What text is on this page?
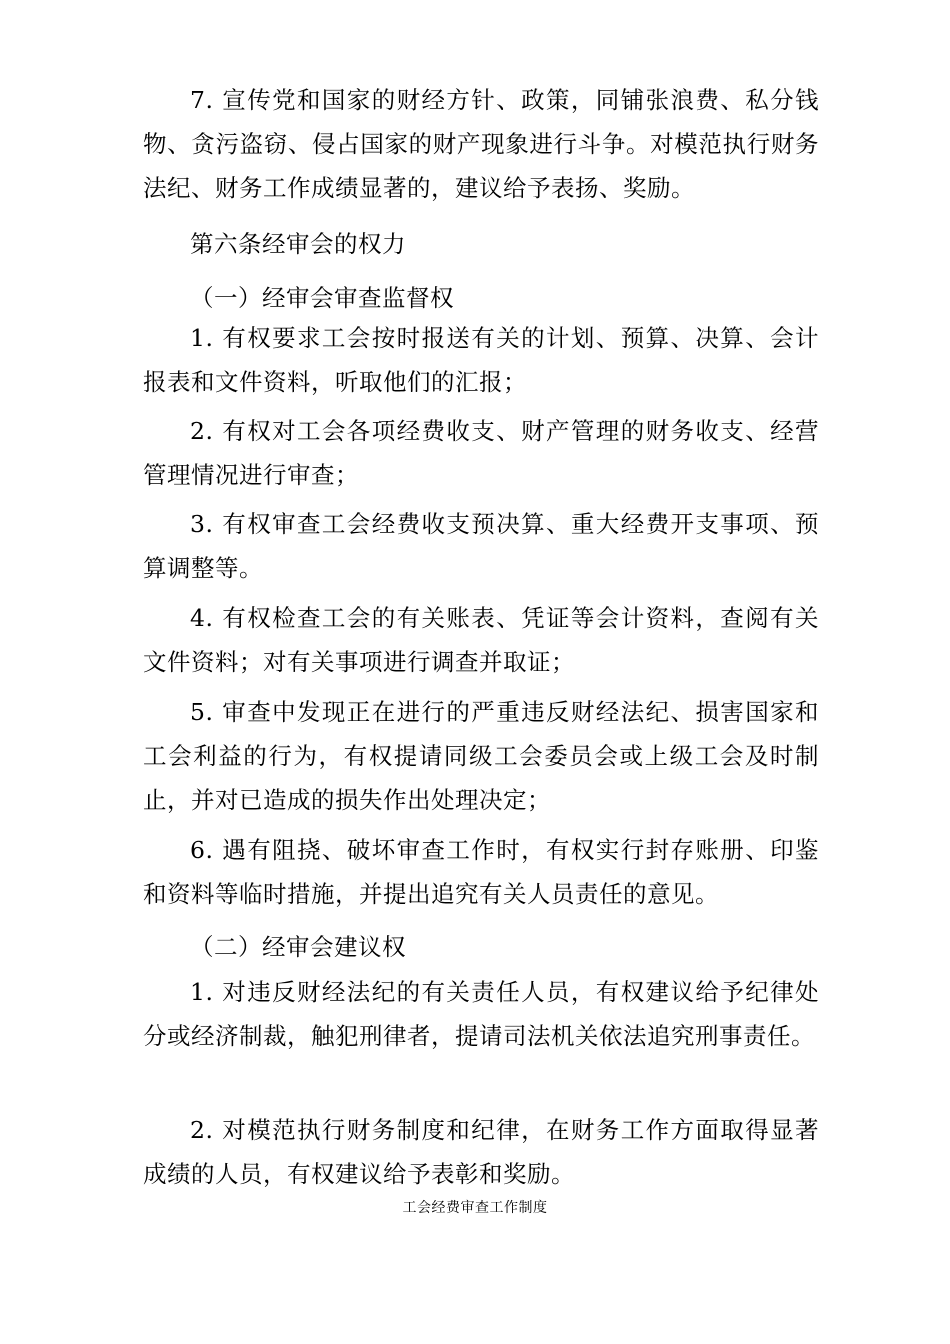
7. 宣传党和国家的财经方针、政策，同铺张浪费、私分钱物、贪污盗窃、侵占国家的财产现象进行斗争。对模范执行财务法纪、财务工作成绩显著的，建议给予表扬、奖励。

第六条经审会的权力

（一）经审会审查监督权

1. 有权要求工会按时报送有关的计划、预算、决算、会计报表和文件资料，听取他们的汇报；

2. 有权对工会各项经费收支、财产管理的财务收支、经营管理情况进行审查；

3. 有权审查工会经费收支预决算、重大经费开支事项、预算调整等。

4. 有权检查工会的有关账表、凭证等会计资料，查阅有关文件资料；对有关事项进行调查并取证；

5. 审查中发现正在进行的严重违反财经法纪、损害国家和工会利益的行为，有权提请同级工会委员会或上级工会及时制止，并对已造成的损失作出处理决定；

6. 遇有阻挠、破坏审查工作时，有权实行封存账册、印鉴和资料等临时措施，并提出追究有关人员责任的意见。

（二）经审会建议权

1. 对违反财经法纪的有关责任人员，有权建议给予纪律处分或经济制裁，触犯刑律者，提请司法机关依法追究刑事责任。

2. 对模范执行财务制度和纪律，在财务工作方面取得显著成绩的人员，有权建议给予表彰和奖励。

工会经费审查工作制度
